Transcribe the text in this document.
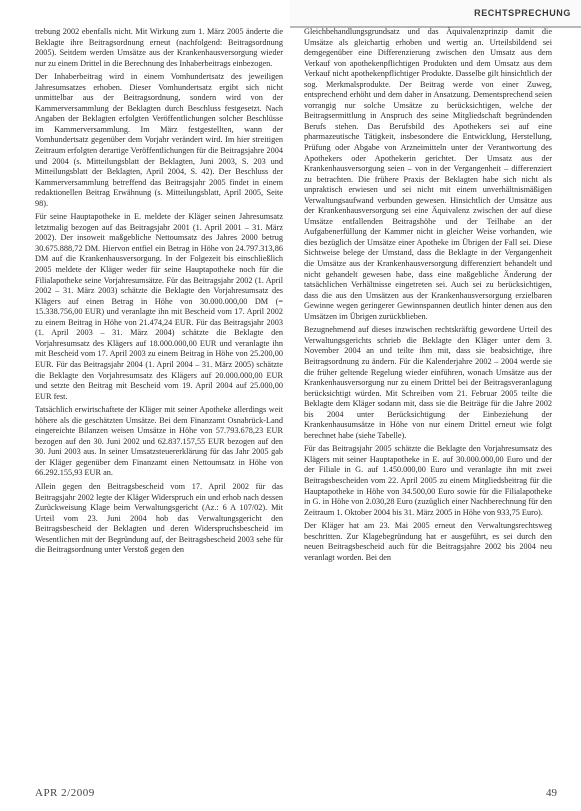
RECHTSPRECHUNG

trebung 2002 ebenfalls nicht. Mit Wirkung zum 1. März 2005 änderte die Beklagte ihre Beitragsordnung erneut (nachfolgend: Beitragsordnung 2005). Seitdem werden Umsätze aus der Krankenhausversorgung wieder nur zu einem Drittel in die Berechnung des Inhaberbeitrags einbezogen.

Der Inhaberbeitrag wird in einem Vomhundertsatz des jeweiligen Jahresumsatzes erhoben. Dieser Vomhundertsatz ergibt sich nicht unmittelbar aus der Beitragsordnung, sondern wird von der Kammerversammlung der Beklagten durch Beschluss festgesetzt. Nach Angaben der Beklagten erfolgten Veröffentlichungen solcher Beschlüsse im Kammerversammlung. Im März festgestellten, wann der Vomhundertsatz gegenüber dem Vorjahr verändert wird. Im hier streitigen Zeitraum erfolgten derartige Veröffentlichungen für die Beitragsjahre 2004 und 2004 (s. Mitteilungsblatt der Beklagten, Juni 2003, S. 203 und Mitteilungsblatt der Beklagten, April 2004, S. 42). Der Beschluss der Kammerversammlung betreffend das Beitragsjahr 2005 findet in einem redaktionellen Beitrag Erwähnung (s. Mitteilungsblatt, April 2005, Seite 98).

Für seine Hauptapotheke in E. meldete der Kläger seinen Jahresumsatz letztmalig bezogen auf das Beitragsjahr 2001 (1. April 2001 – 31. März 2002). Der insoweit maßgebliche Nettoumsatz des Jahres 2000 betrug 30.675.888,72 DM. Hiervon entfiel ein Betrag in Höhe von 24.797.313,86 DM auf die Krankenhausversorgung. In der Folgezeit bis einschließlich 2005 meldete der Kläger weder für seine Hauptapotheke noch für die Filialapotheke seine Vorjahresumsätze. Für das Beitragsjahr 2002 (1. April 2002 – 31. März 2003) schätzte die Beklagte den Vorjahresumsatz des Klägers auf einen Betrag in Höhe von 30.000.000,00 DM (= 15.338.756,00 EUR) und veranlagte ihn mit Bescheid vom 17. April 2002 zu einem Beitrag in Höhe von 21.474,24 EUR. Für das Beitragsjahr 2003 (1. April 2003 – 31. März 2004) schätzte die Beklagte den Vorjahresumsatz des Klägers auf 18.000.000,00 EUR und veranlagte ihn mit Bescheid vom 17. April 2003 zu einem Beitrag in Höhe von 25.200,00 EUR. Für das Beitragsjahr 2004 (1. April 2004 – 31. März 2005) schätzte die Beklagte den Vorjahresumsatz des Klägers auf 20.000.000,00 EUR und setzte den Beitrag mit Bescheid vom 19. April 2004 auf 25.000,00 EUR fest.

Tatsächlich erwirtschaftete der Kläger mit seiner Apotheke allerdings weit höhere als die geschätzten Umsätze. Bei dem Finanzamt Osnabrück-Land eingereichte Bilanzen weisen Umsätze in Höhe von 57.793.678,23 EUR bezogen auf den 30. Juni 2002 und 62.837.157,55 EUR bezogen auf den 30. Juni 2003 aus. In seiner Umsatzsteuererklärung für das Jahr 2005 gab der Kläger gegenüber dem Finanzamt einen Nettoumsatz in Höhe von 66.292.155,93 EUR an.

Allein gegen den Beitragsbescheid vom 17. April 2002 für das Beitragsjahr 2002 legte der Kläger Widerspruch ein und erhob nach dessen Zurückweisung Klage beim Verwaltungsgericht (Az.: 6 A 107/02). Mit Urteil vom 23. Juni 2004 hob das Verwaltungsgericht den Beitragsbescheid der Beklagten und deren Widerspruchsbescheid im Wesentlichen mit der Begründung auf, der Beitragsbescheid 2003 sehe für die Beitragsordnung unter Verstoß gegen den

Gleichbehandlungsgrundsatz und das Äquivalenzprinzip damit die Umsätze als gleichartig erhoben und wertig an. Urteilsbildend sei demgegenüber eine Differenzierung zwischen den Umsatz aus dem Verkauf von apothekenpflichtigen Produkten und dem Umsatz aus dem Verkauf nicht apothekenpflichtiger Produkte. Dasselbe gilt hinsichtlich der sog. Merkmalsprodukte. Der Beitrag werde von einer Zuweg, entsprechend erhöht und dem daher in Ansatzung. Dementsprechend seien vorrangig nur solche Umsätze zu berücksichtigen, welche der Beitragsermittlung in Anspruch des seine Mitgliedschaft begründenden Berufs stehen. Das Berufsbild des Apothekers sei auf eine pharmazeutische Tätigkeit, insbesondere die Entwicklung, Herstellung, Prüfung oder Abgabe von Arzneimitteln unter der Verantwortung des Apothekers oder Apothekerin gerichtet. Der Umsatz aus der Krankenhausversorgung seien – von in der Vergangenheit – differenziert zu betrachten. Die frühere Praxis der Beklagten habe sich nicht als unpraktisch erwiesen und sei nicht mit einem unverhältnismäßigen Verwaltungsaufwand verbunden gewesen. Hinsichtlich der Umsätze aus der Krankenhausversorgung sei eine Äquivalenz zwischen der auf diese Umsätze entfallenden Beitragshöhe und der Teilhabe an der Aufgabenerfüllung der Kammer nicht in gleicher Weise vorhanden, wie dies bezüglich der Umsätze einer Apotheke im Übrigen der Fall sei. Diese Sichtweise belege der Umstand, dass die Beklagte in der Vergangenheit die Umsätze aus der Krankenhausversorgung differenziert behandelt und nicht gehandelt gewesen habe, dass eine maßgebliche Änderung der tatsächlichen Verhältnisse eingetreten sei. Auch sei zu berücksichtigen, dass die aus den Umsätzen aus der Krankenhausversorgung erzielbaren Gewinne wegen geringerer Gewinnspannen deutlich hinter denen aus den Umsätzen im Übrigen zurückblieben.

Bezugnehmend auf dieses inzwischen rechtskräftig gewordene Urteil des Verwaltungsgerichts schrieb die Beklagte den Kläger unter dem 3. November 2004 an und teilte ihm mit, dass sie beabsichtige, ihre Beitragsordnung zu ändern. Für die Kalenderjahre 2002 – 2004 werde sie die früher geltende Regelung wieder einführen, wonach Umsätze aus der Krankenhausversorgung nur zu einem Drittel bei der Beitragsveranlagung berücksichtigt würden. Mit Schreiben vom 21. Februar 2005 teilte die Beklagte dem Kläger sodann mit, dass sie die Beiträge für die Jahre 2002 bis 2004 unter Berücksichtigung der Einbeziehung der Krankenhausumsätze in Höhe von nur einem Drittel erneut wie folgt berechnet habe (siehe Tabelle).

Für das Beitragsjahr 2005 schätzte die Beklagte den Vorjahresumsatz des Klägers mit seiner Hauptapotheke in E. auf 30.000.000,00 Euro und der der Filiale in G. auf 1.450.000,00 Euro und veranlagte ihn mit zwei Beitragsbescheiden vom 22. April 2005 zu einem Mitgliedsbeitrag für die Hauptapotheke in Höhe von 34.500,00 Euro sowie für die Filialapotheke in G. in Höhe von 2.030,28 Euro (zuzüglich einer Nachberechnung für den Zeitraum 1. Oktober 2004 bis 31. März 2005 in Höhe von 933,75 Euro).

Der Kläger hat am 23. Mai 2005 erneut den Verwaltungsrechtsweg beschritten. Zur Klagebegründung hat er ausgeführt, es sei durch den neuen Beitragsbescheid auch für die Beitragsjahre 2002 bis 2004 neu veranlagt worden. Bei den

APR 2/2009	49
